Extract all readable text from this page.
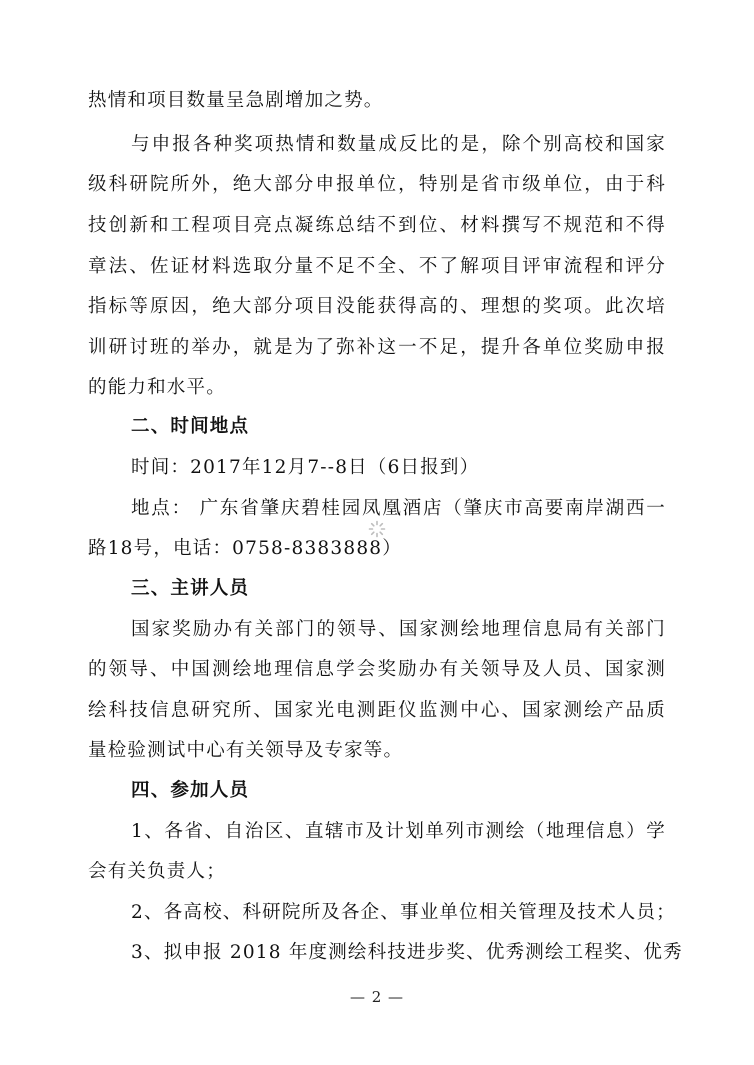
热情和项目数量呈急剧增加之势。
与申报各种奖项热情和数量成反比的是，除个别高校和国家
级科研院所外，绝大部分申报单位，特别是省市级单位，由于科
技创新和工程项目亮点凝练总结不到位、材料撰写不规范和不得
章法、佐证材料选取分量不足不全、不了解项目评审流程和评分
指标等原因，绝大部分项目没能获得高的、理想的奖项。此次培
训研讨班的举办，就是为了弥补这一不足，提升各单位奖励申报
的能力和水平。
二、时间地点
时间：2017年12月7--8日（6日报到）
地点： 广东省肇庆碧桂园凤凰酒店（肇庆市高要南岸湖西一
路18号，电话：0758-8383888）
三、主讲人员
国家奖励办有关部门的领导、国家测绘地理信息局有关部门
的领导、中国测绘地理信息学会奖励办有关领导及人员、国家测
绘科技信息研究所、国家光电测距仪监测中心、国家测绘产品质
量检验测试中心有关领导及专家等。
四、参加人员
1、各省、自治区、直辖市及计划单列市测绘（地理信息）学
会有关负责人；
2、各高校、科研院所及各企、事业单位相关管理及技术人员；
3、拟申报 2018 年度测绘科技进步奖、优秀测绘工程奖、优秀
— 2 —
